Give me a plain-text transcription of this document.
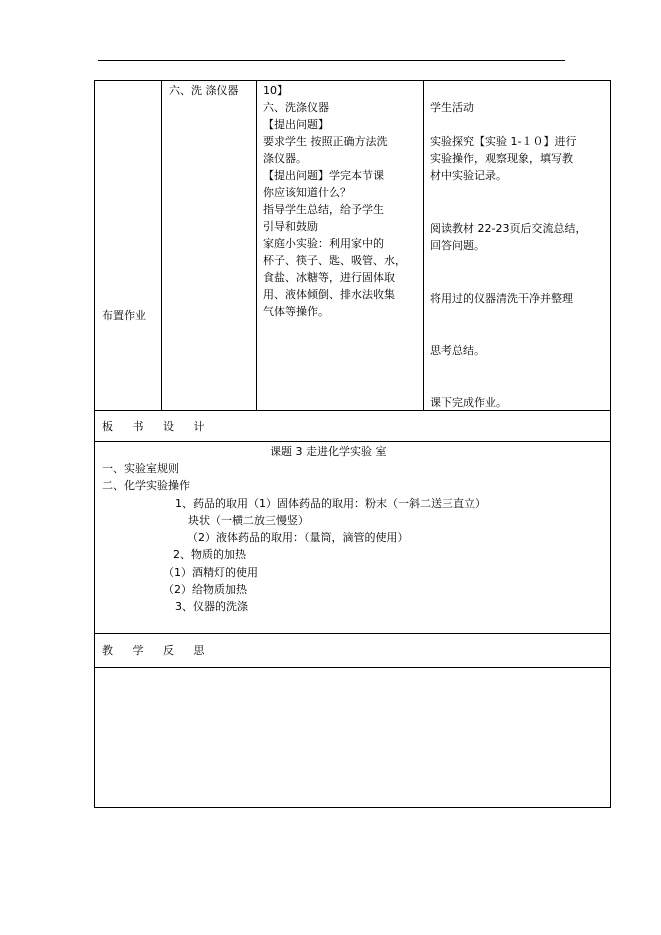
布置作业
六、洗 涤仪器 10】
六、洗涤仪器
【提出问题】
要求学生 按照正确方法洗
涤仪器。
【提出问题】学完本节课
你应该知道什么？
指导学生总结，给予学生
引导和鼓励
家庭小实验：利用家中的
杯子、筷子、匙、吸管、水，
食盐、冰糖等，进行固体取
用、液体倾倒、排水法收集
气体等操作。
学生活动
实验探究【实验 1-１０】进行
实验操作，观察现象，填写教
材中实验记录。
阅读教材 22-23页后交流总结，
回答问题。
将用过的仪器清洗干净并整理
思考总结。
课下完成作业。
板 书 设 计
课题 3 走进化学实验 室
一、实验室规则
二、化学实验操作
1、药品的取用（1）固体药品的取用：粉末（一斜二送三直立）
块状（一横二放三慢竖）
（2）液体药品的取用：（量筒，滴管的使用）
2、物质的加热
（1）酒精灯的使用
（2）给物质加热
3、仪器的洗涤
教 学 反 思
